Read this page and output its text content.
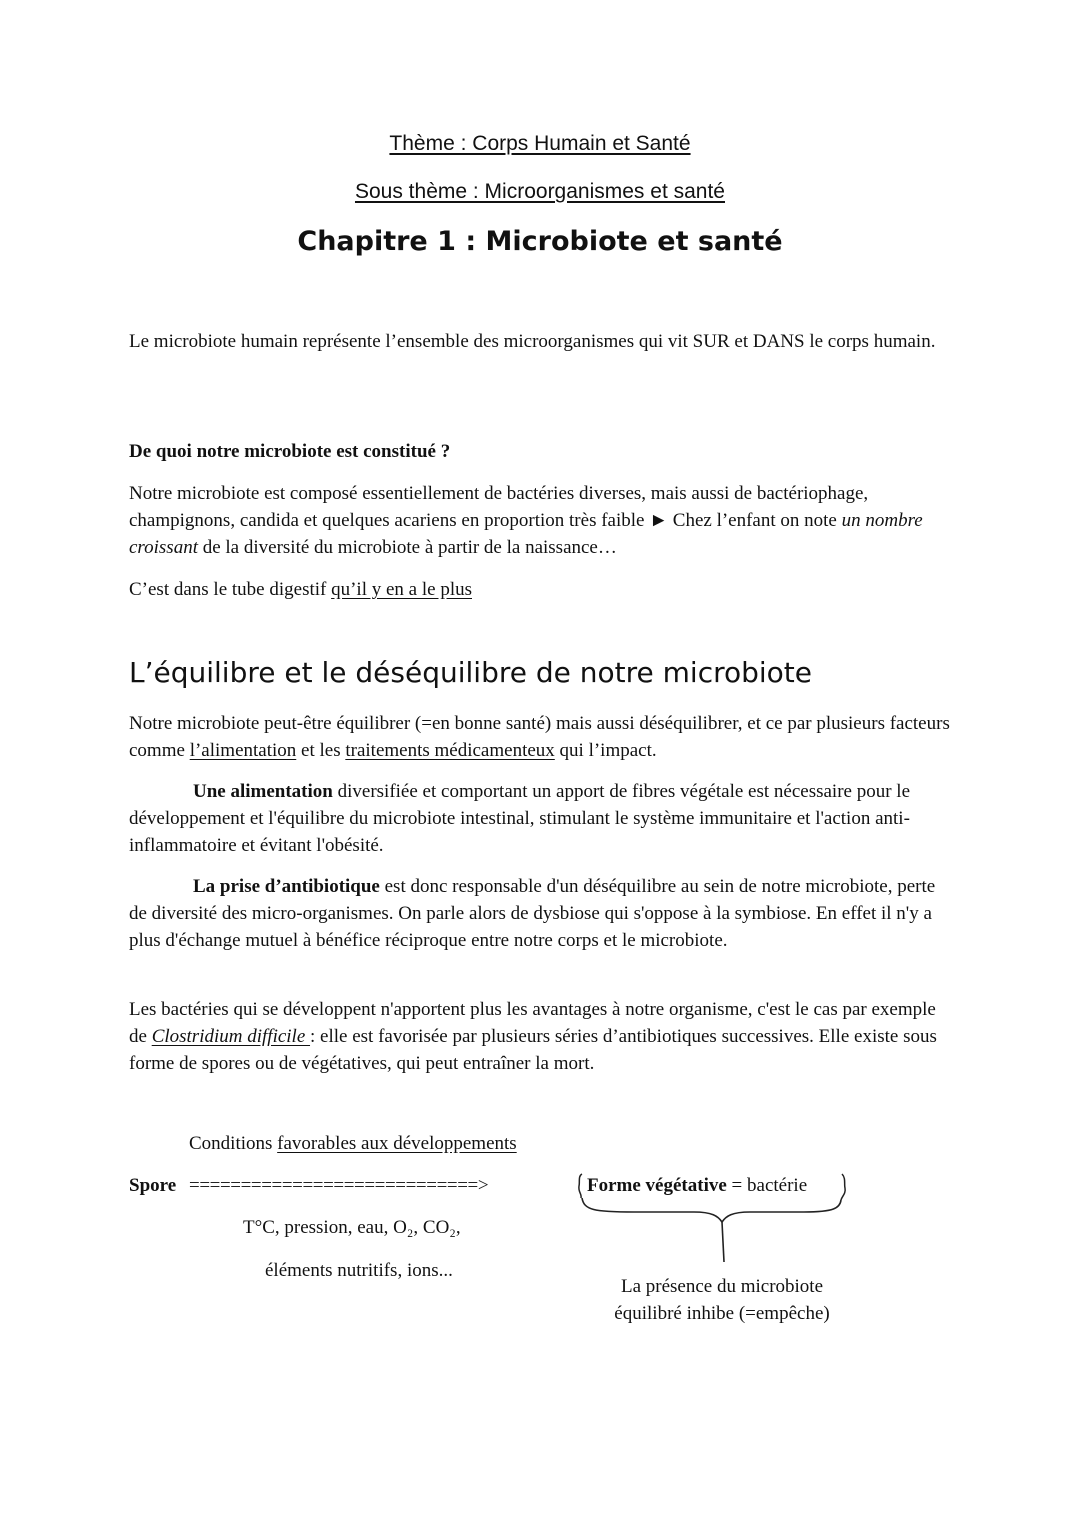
Thème : Corps Humain et Santé
Sous thème : Microorganismes et santé
Chapitre 1 : Microbiote et santé

Le microbiote humain représente l’ensemble des microorganismes qui vit SUR et DANS le corps humain.

De quoi notre microbiote est constitué ?

Notre microbiote est composé essentiellement de bactéries diverses, mais aussi de bactériophage, champignons, candida et quelques acariens en proportion très faible ► Chez l’enfant on note un nombre croissant de la diversité du microbiote à partir de la naissance…

C’est dans le tube digestif qu’il y en a le plus

L’équilibre et le déséquilibre de notre microbiote

Notre microbiote peut-être équilibrer (=en bonne santé) mais aussi déséquilibrer, et ce par plusieurs facteurs comme l’alimentation et les traitements médicamenteux qui l’impact.

Une alimentation diversifiée et comportant un apport de fibres végétale est nécessaire pour le développement et l'équilibre du microbiote intestinal, stimulant le système immunitaire et l'action anti-inflammatoire et évitant l'obésité.

La prise d’antibiotique est donc responsable d'un déséquilibre au sein de notre microbiote, perte de diversité des micro-organismes. On parle alors de dysbiose qui s'oppose à la symbiose. En effet il n'y a plus d'échange mutuel à bénéfice réciproque entre notre corps et le microbiote.

Les bactéries qui se développent n'apportent plus les avantages à notre organisme, c'est le cas par exemple de Clostridium difficile : elle est favorisée par plusieurs séries d’antibiotiques successives. Elle existe sous forme de spores ou de végétatives, qui peut entraîner la mort.

Conditions favorables aux développements
Spore ============================>	Forme végétative = bactérie
T°C, pression, eau, O₂, CO₂,
éléments nutritifs, ions...
La présence du microbiote
équilibré inhibe (=empêche)
